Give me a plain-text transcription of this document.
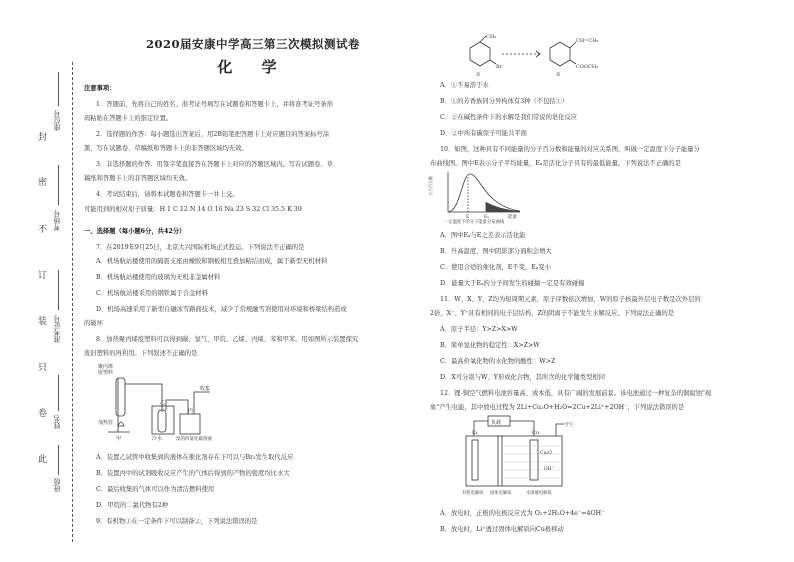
封
密
不
订
装
只
卷
此
班级
姓名
准考证号
考场号
座位号
2020届安康中学高三第三次模拟测试卷
化 学
注意事项：
1．答题前，先将自己的姓名、准考证号填写在试题卷和答题卡上，并将准考证号条形
码粘贴在答题卡上的指定位置。
2．选择题的作答：每小题选出答案后，用2B铅笔把答题卡上对应题目的答案标号涂
黑，写在试题卷、草稿纸和答题卡上的非答题区域均无效。
3．非选择题的作答：用签字笔直接答在答题卡上对应的答题区域内。写在试题卷、草
稿纸和答题卡上的非答题区域均无效。
4．考试结束后，请将本试题卷和答题卡一并上交。
可能用到的相对原子质量：H 1 C 12 N 14 O 16 Na 23 S 32 Cl 35.5 K 39
一、选择题（每小题6分，共42分）
7．在2019年9月25日，北京大兴国际机场正式投运。下列说法不正确的是
A．机场航站楼使用的隔震支座由橡胶和钢板相互叠加粘结而成，属于新型无机材料
B．机场航站楼使用的玻璃为无机非金属材料
C．机场航站楼采用的钢铁属于合金材料
D．机场高速采用了新型自融冰雪路面技术，减少了常规融雪剂使用对环境和桥梁结构造成
的破坏
8．加热聚丙烯废塑料可以得到碳、氢气、甲烷、乙烯、丙烯、苯和甲苯。用如图所示装置探究
废旧塑料的再利用。下列叙述不正确的是
聚丙烯
废塑料
加热管
收集
冷水	溴的四氯化碳溶液
甲
乙
丙
A．装置乙试管中收集到的液体在催化剂存在下可以与Br₂发生取代反应
B．装置丙中的试剂吸收反应产生的气体后得到的产物的密度均比水大
C．最后收集的气体可以作为清洁燃料使用
D．甲烷的二氯代物有2种
9．有机物①在一定条件下可以制备②，下列说法错误的是
CH₃
Br
CH=CH₂
COOCH₃
①	②
A．①不易溶于水
B．①的芳香族同分异构体有3种（不包括①）
C．②在碱性条件下的水解是我们常说的皂化反应
D．②中所有碳原子可能共平面
10．如图，这种具有不同能量的分子百分数和能量的对应关系图，叫做一定温度下分子能量分
布曲线图。图中E表示分子平均能量，Eₐ是活化分子具有的最低能量。下列说法不正确的是
分子百分数
E	Eₐ	能量
一定温度下的分子能量分布曲线
A．图中Eₐ与E之差表示活化能
B．升高温度，图中阴影部分面积会增大
C．使用合适的催化剂，E不变，Eₐ变小
D．能量大于Eₐ的分子间发生的碰撞一定是有效碰撞
11．W、X、Y、Z均为短周期元素，原子序数依次增加，W的原子核最外层电子数是次外层的
2倍，X⁻、Y⁺具有相同的电子层结构，Z的阴离子不能发生水解反应。下列说法正确的是
A．原子半径：Y>Z>X>W
B．简单氢化物的稳定性：X>Z>W
C．最高价氧化物的水化物的酸性：W>Z
D．X可分别与W、Y形成化合物，其所含的化学键类型相同
12．锂-铜空气燃料电池容量高、成本低，具有广阔的发展前景。该电池通过一种复杂的铜腐蚀"现
象"产生电能，其中放电过程为 2Li+Cu₂O+H₂O=2Cu+2Li⁺+2OH⁻，下列说法错误的是
负载
Li	Cu
Cu₂O
空气
OH⁻
有机电解质 固体电解质	水溶液电解质
A．放电时，正极的电极反应式为 O₂+2H₂O+4e⁻=4OH⁻
B．放电时，Li⁺透过固体电解质向Cu极移动
